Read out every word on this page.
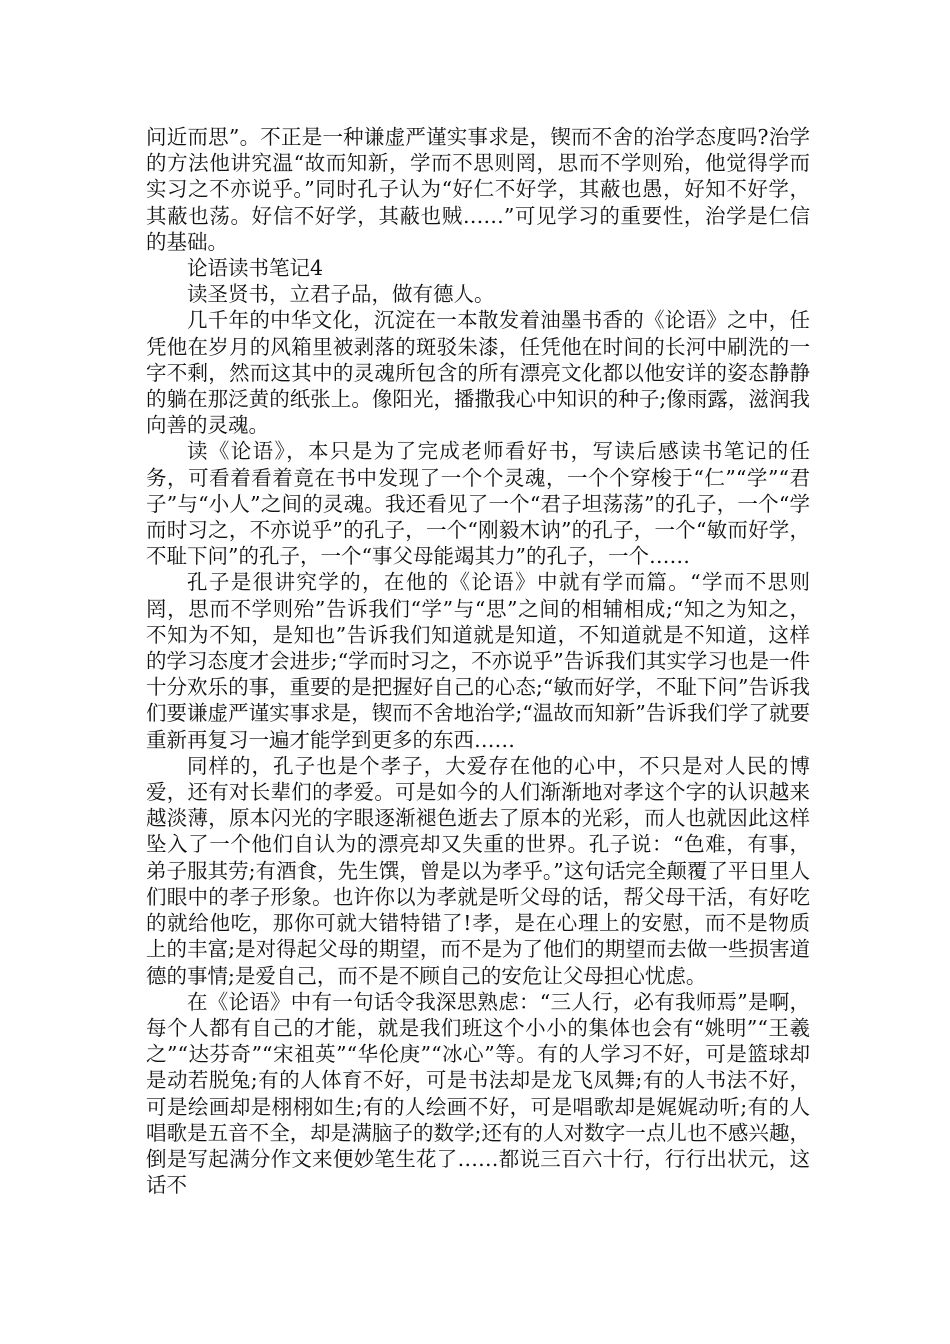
问近而思”。不正是一种谦虚严谨实事求是，锲而不舍的治学态度吗?治学的方法他讲究温“故而知新，学而不思则罔，思而不学则殆，他觉得学而实习之不亦说乎。”同时孔子认为“好仁不好学，其蔽也愚，好知不好学，其蔽也荡。好信不好学，其蔽也贼……”可见学习的重要性，治学是仁信的基础。

论语读书笔记4

读圣贤书，立君子品，做有德人。

几千年的中华文化，沉淀在一本散发着油墨书香的《论语》之中，任凭他在岁月的风箱里被剥落的斑驳朱漆，任凭他在时间的长河中刷洗的一字不剩，然而这其中的灵魂所包含的所有漂亮文化都以他安详的姿态静静的躺在那泛黄的纸张上。像阳光，播撒我心中知识的种子;像雨露，滋润我向善的灵魂。

读《论语》，本只是为了完成老师看好书，写读后感读书笔记的任务，可看着看着竟在书中发现了一个个灵魂，一个个穿梭于“仁”“学”“君子”与“小人”之间的灵魂。我还看见了一个“君子坦荡荡”的孔子，一个“学而时习之，不亦说乎”的孔子，一个“刚毅木讷”的孔子，一个“敏而好学，不耻下问”的孔子，一个“事父母能竭其力”的孔子，一个……

孔子是很讲究学的，在他的《论语》中就有学而篇。“学而不思则罔，思而不学则殆”告诉我们“学”与“思”之间的相辅相成;“知之为知之，不知为不知，是知也”告诉我们知道就是知道，不知道就是不知道，这样的学习态度才会进步;“学而时习之，不亦说乎”告诉我们其实学习也是一件十分欢乐的事，重要的是把握好自己的心态;“敏而好学，不耻下问”告诉我们要谦虚严谨实事求是，锲而不舍地治学;“温故而知新”告诉我们学了就要重新再复习一遍才能学到更多的东西……

同样的，孔子也是个孝子，大爱存在他的心中，不只是对人民的博爱，还有对长辈们的孝爱。可是如今的人们渐渐地对孝这个字的认识越来越淡薄，原本闪光的字眼逐渐褪色逝去了原本的光彩，而人也就因此这样坠入了一个他们自认为的漂亮却又失重的世界。孔子说：“色难，有事，弟子服其劳;有酒食，先生馔，曾是以为孝乎。”这句话完全颠覆了平日里人们眼中的孝子形象。也许你以为孝就是听父母的话，帮父母干活，有好吃的就给他吃，那你可就大错特错了!孝，是在心理上的安慰，而不是物质上的丰富;是对得起父母的期望，而不是为了他们的期望而去做一些损害道德的事情;是爱自己，而不是不顾自己的安危让父母担心忧虑。

在《论语》中有一句话令我深思熟虑：“三人行，必有我师焉”是啊，每个人都有自己的才能，就是我们班这个小小的集体也会有“姚明”“王羲之”“达芬奇”“宋祖英”“华伦庚”“冰心”等。有的人学习不好，可是篮球却是动若脱兔;有的人体育不好，可是书法却是龙飞凤舞;有的人书法不好，可是绘画却是栩栩如生;有的人绘画不好，可是唱歌却是娓娓动听;有的人唱歌是五音不全，却是满脑子的数学;还有的人对数字一点儿也不感兴趣，倒是写起满分作文来便妙笔生花了……都说三百六十行，行行出状元，这话不
